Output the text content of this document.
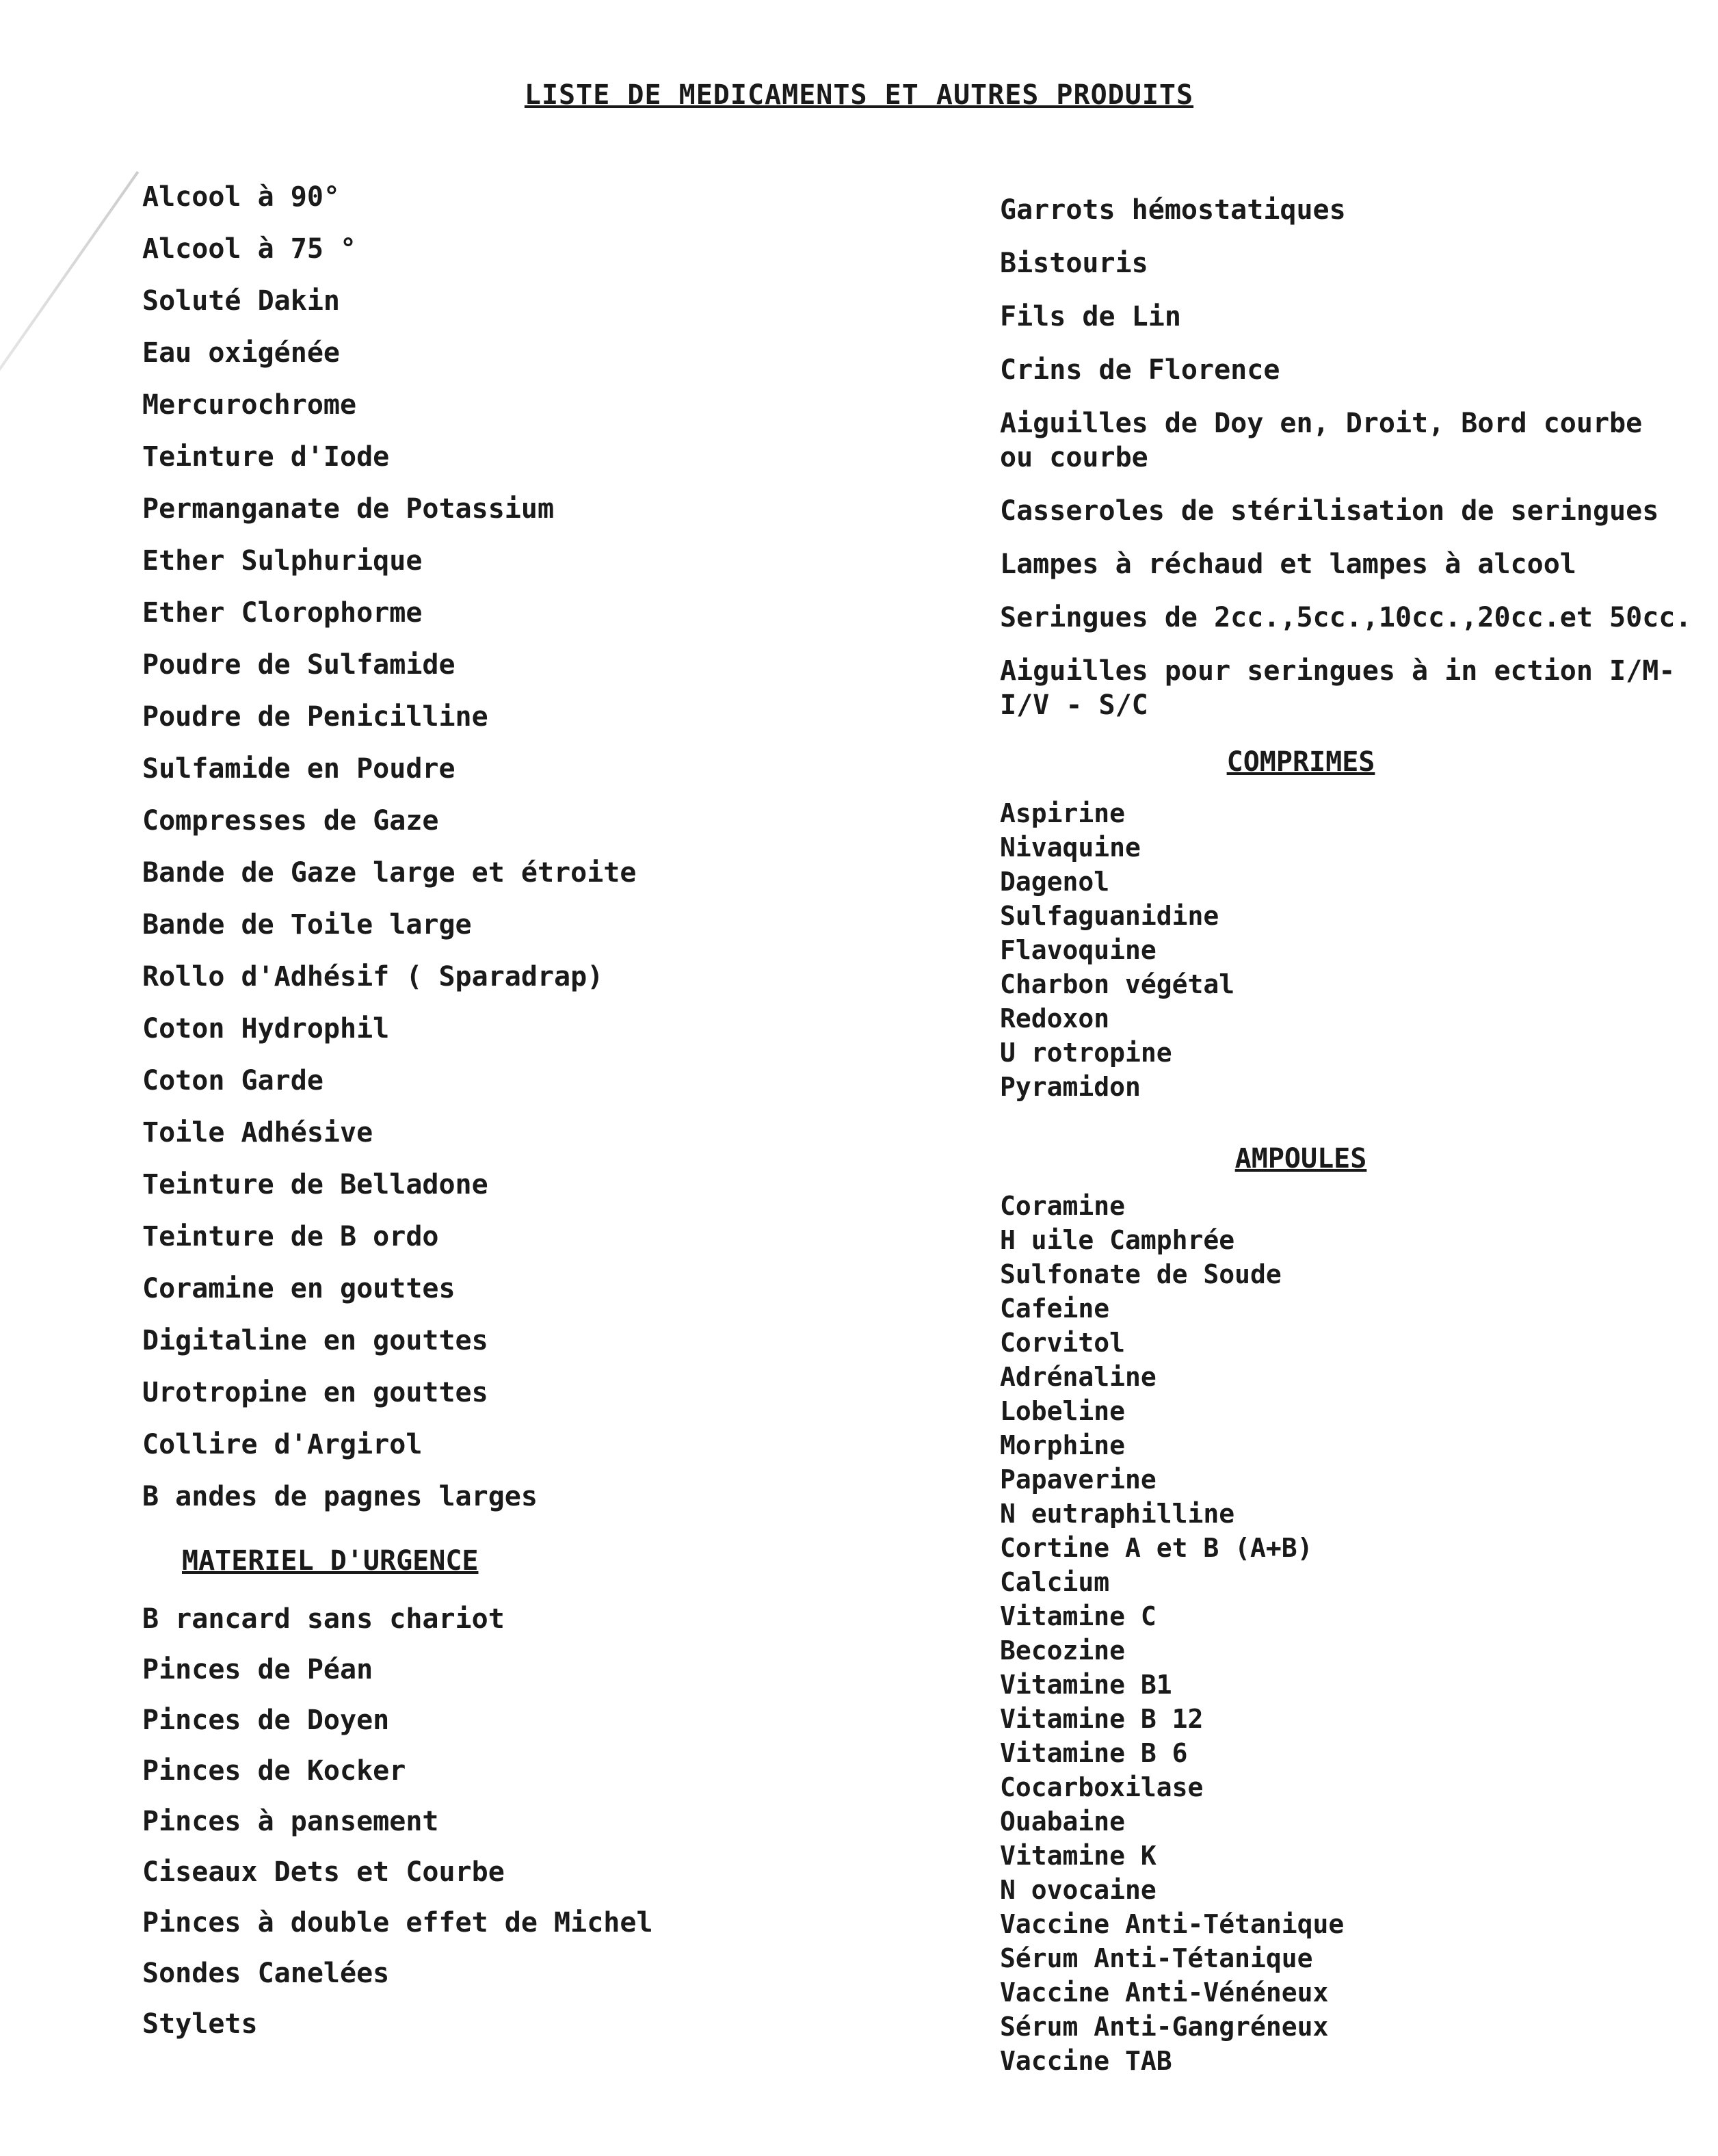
LISTE DE MEDICAMENTS ET AUTRES PRODUITS
Alcool à 90°
Alcool à 75 °
Soluté Dakin
Eau oxigénée
Mercurochrome
Teinture d'Iode
Permanganate de Potassium
Ether Sulphurique
Ether Clorophorme
Poudre de Sulfamide
Poudre de Penicilline
Sulfamide en Poudre
Compresses de Gaze
Bande de Gaze large et étroite
Bande de Toile large
Rollo d'Adhésif ( Sparadrap)
Coton Hydrophil
Coton Garde
Toile Adhésive
Teinture de Belladone
Teinture de B ordo
Coramine en gouttes
Digitaline en gouttes
Urotropine en gouttes
Collire d'Argirol
B andes de pagnes larges
MATERIEL D'URGENCE
B rancard sans chariot
Pinces de Péan
Pinces de Doyen
Pinces de Kocker
Pinces à pansement
Ciseaux Dets et Courbe
Pinces à double effet de Michel
Sondes Canelées
Stylets
Garrots hémostatiques
Bistouris
Fils de Lin
Crins de Florence
Aiguilles de Doy en, Droit, Bord courbe
ou courbe
Casseroles de stérilisation de seringues
Lampes à réchaud et lampes à alcool
Seringues de 2cc.,5cc.,10cc.,20cc.et 50cc.
Aiguilles pour seringues à in ection I/M-
I/V - S/C
COMPRIMES
Aspirine
Nivaquine
Dagenol
Sulfaguanidine
Flavoquine
Charbon végétal
Redoxon
U rotropine
Pyramidon
AMPOULES
Coramine
H uile Camphrée
Sulfonate de Soude
Cafeine
Corvitol
Adrénaline
Lobeline
Morphine
Papaverine
N eutraphilline
Cortine A et B (A+B)
Calcium
Vitamine C
Becozine
Vitamine B1
Vitamine B 12
Vitamine B 6
Cocarboxilase
Ouabaine
Vitamine K
N ovocaine
Vaccine Anti-Tétanique
Sérum Anti-Tétanique
Vaccine Anti-Vénéneux
Sérum Anti-Gangréneux
Vaccine TAB
